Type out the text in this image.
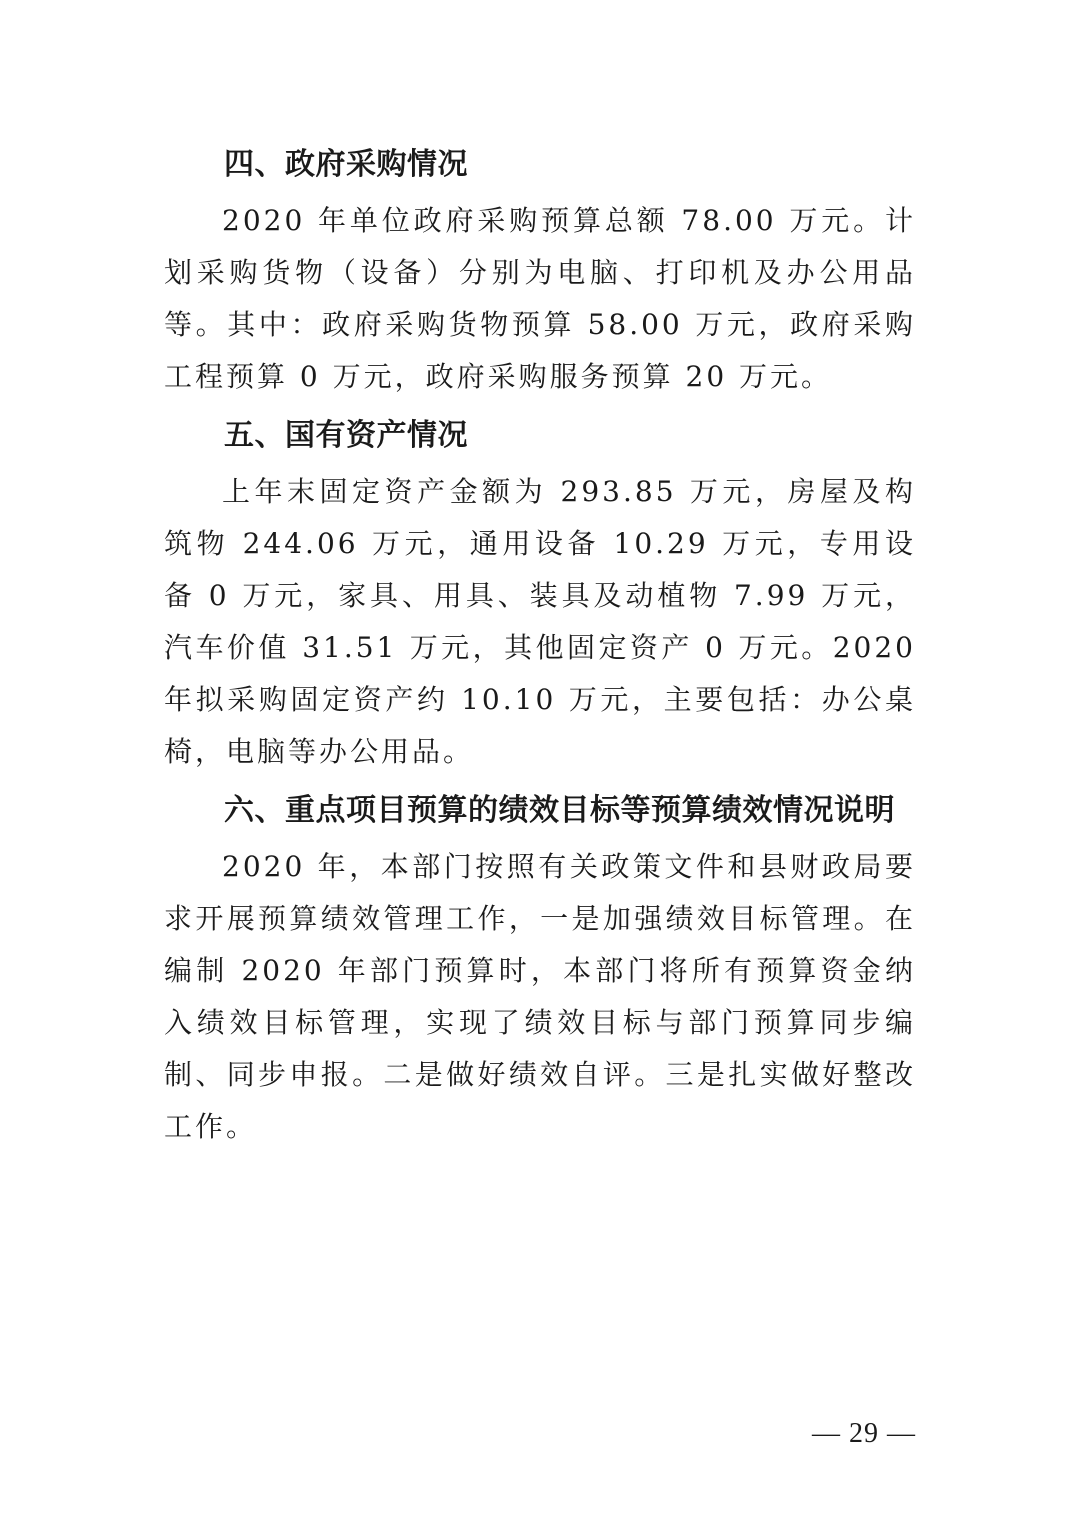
四、政府采购情况

2020 年单位政府采购预算总额 78.00 万元。计划采购货物（设备）分别为电脑、打印机及办公用品等。其中：政府采购货物预算 58.00 万元，政府采购工程预算 0 万元，政府采购服务预算 20 万元。

五、国有资产情况

上年末固定资产金额为 293.85 万元，房屋及构筑物 244.06 万元，通用设备 10.29 万元，专用设备 0 万元，家具、用具、装具及动植物 7.99 万元，汽车价值 31.51 万元，其他固定资产 0 万元。2020 年拟采购固定资产约 10.10 万元，主要包括：办公桌椅，电脑等办公用品。

六、重点项目预算的绩效目标等预算绩效情况说明

2020 年，本部门按照有关政策文件和县财政局要求开展预算绩效管理工作，一是加强绩效目标管理。在编制 2020 年部门预算时，本部门将所有预算资金纳入绩效目标管理，实现了绩效目标与部门预算同步编制、同步申报。二是做好绩效自评。三是扎实做好整改工作。

— 29 —
